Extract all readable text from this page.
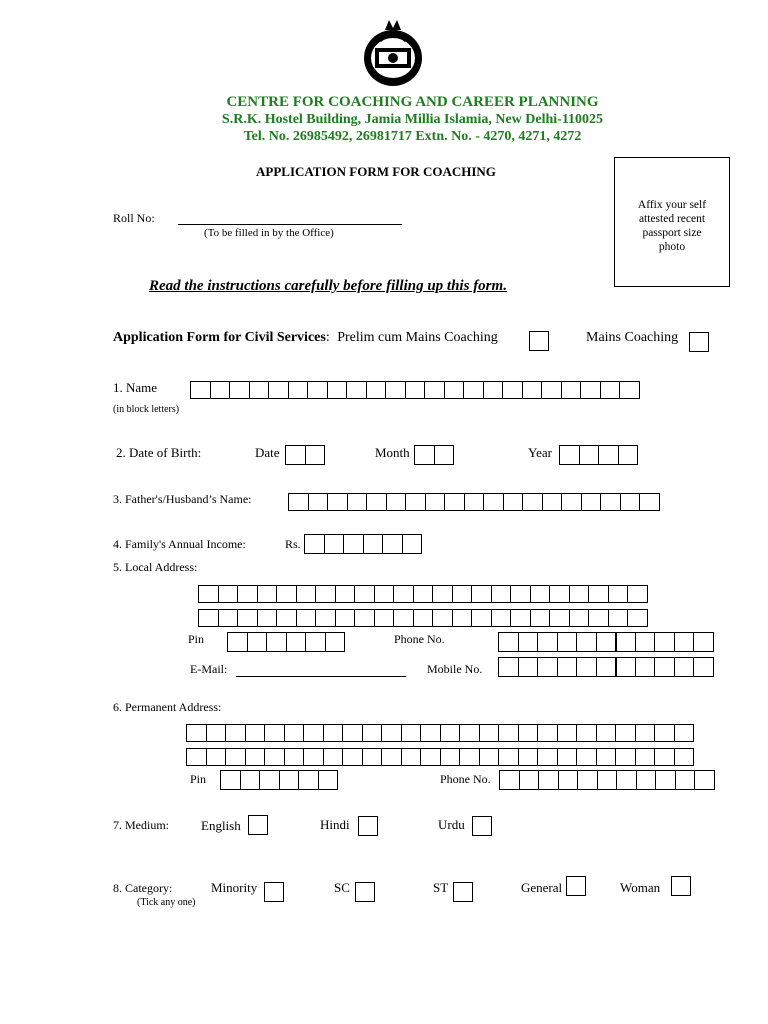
CENTRE FOR COACHING AND CAREER PLANNING
S.R.K. Hostel Building, Jamia Millia Islamia, New Delhi-110025
Tel. No. 26985492, 26981717 Extn. No. - 4270, 4271, 4272
APPLICATION FORM FOR COACHING
Affix your self
attested recent
passport size
photo
Roll No:
(To be filled in by the Office)
Read the instructions carefully before filling up this form.
Application Form for Civil Services: Prelim cum Mains Coaching	Mains Coaching
1. Name
(in block letters)
2. Date of Birth:	Date	Month	Year
3. Father's/Husband’s Name:
4. Family's Annual Income:	Rs.
5. Local Address:
Pin	Phone No.
E-Mail:	Mobile No.
6. Permanent Address:
Pin	Phone No.
7. Medium: English	Hindi	Urdu
8. Category:
(Tick any one)
Minority	SC	ST	General	Woman
